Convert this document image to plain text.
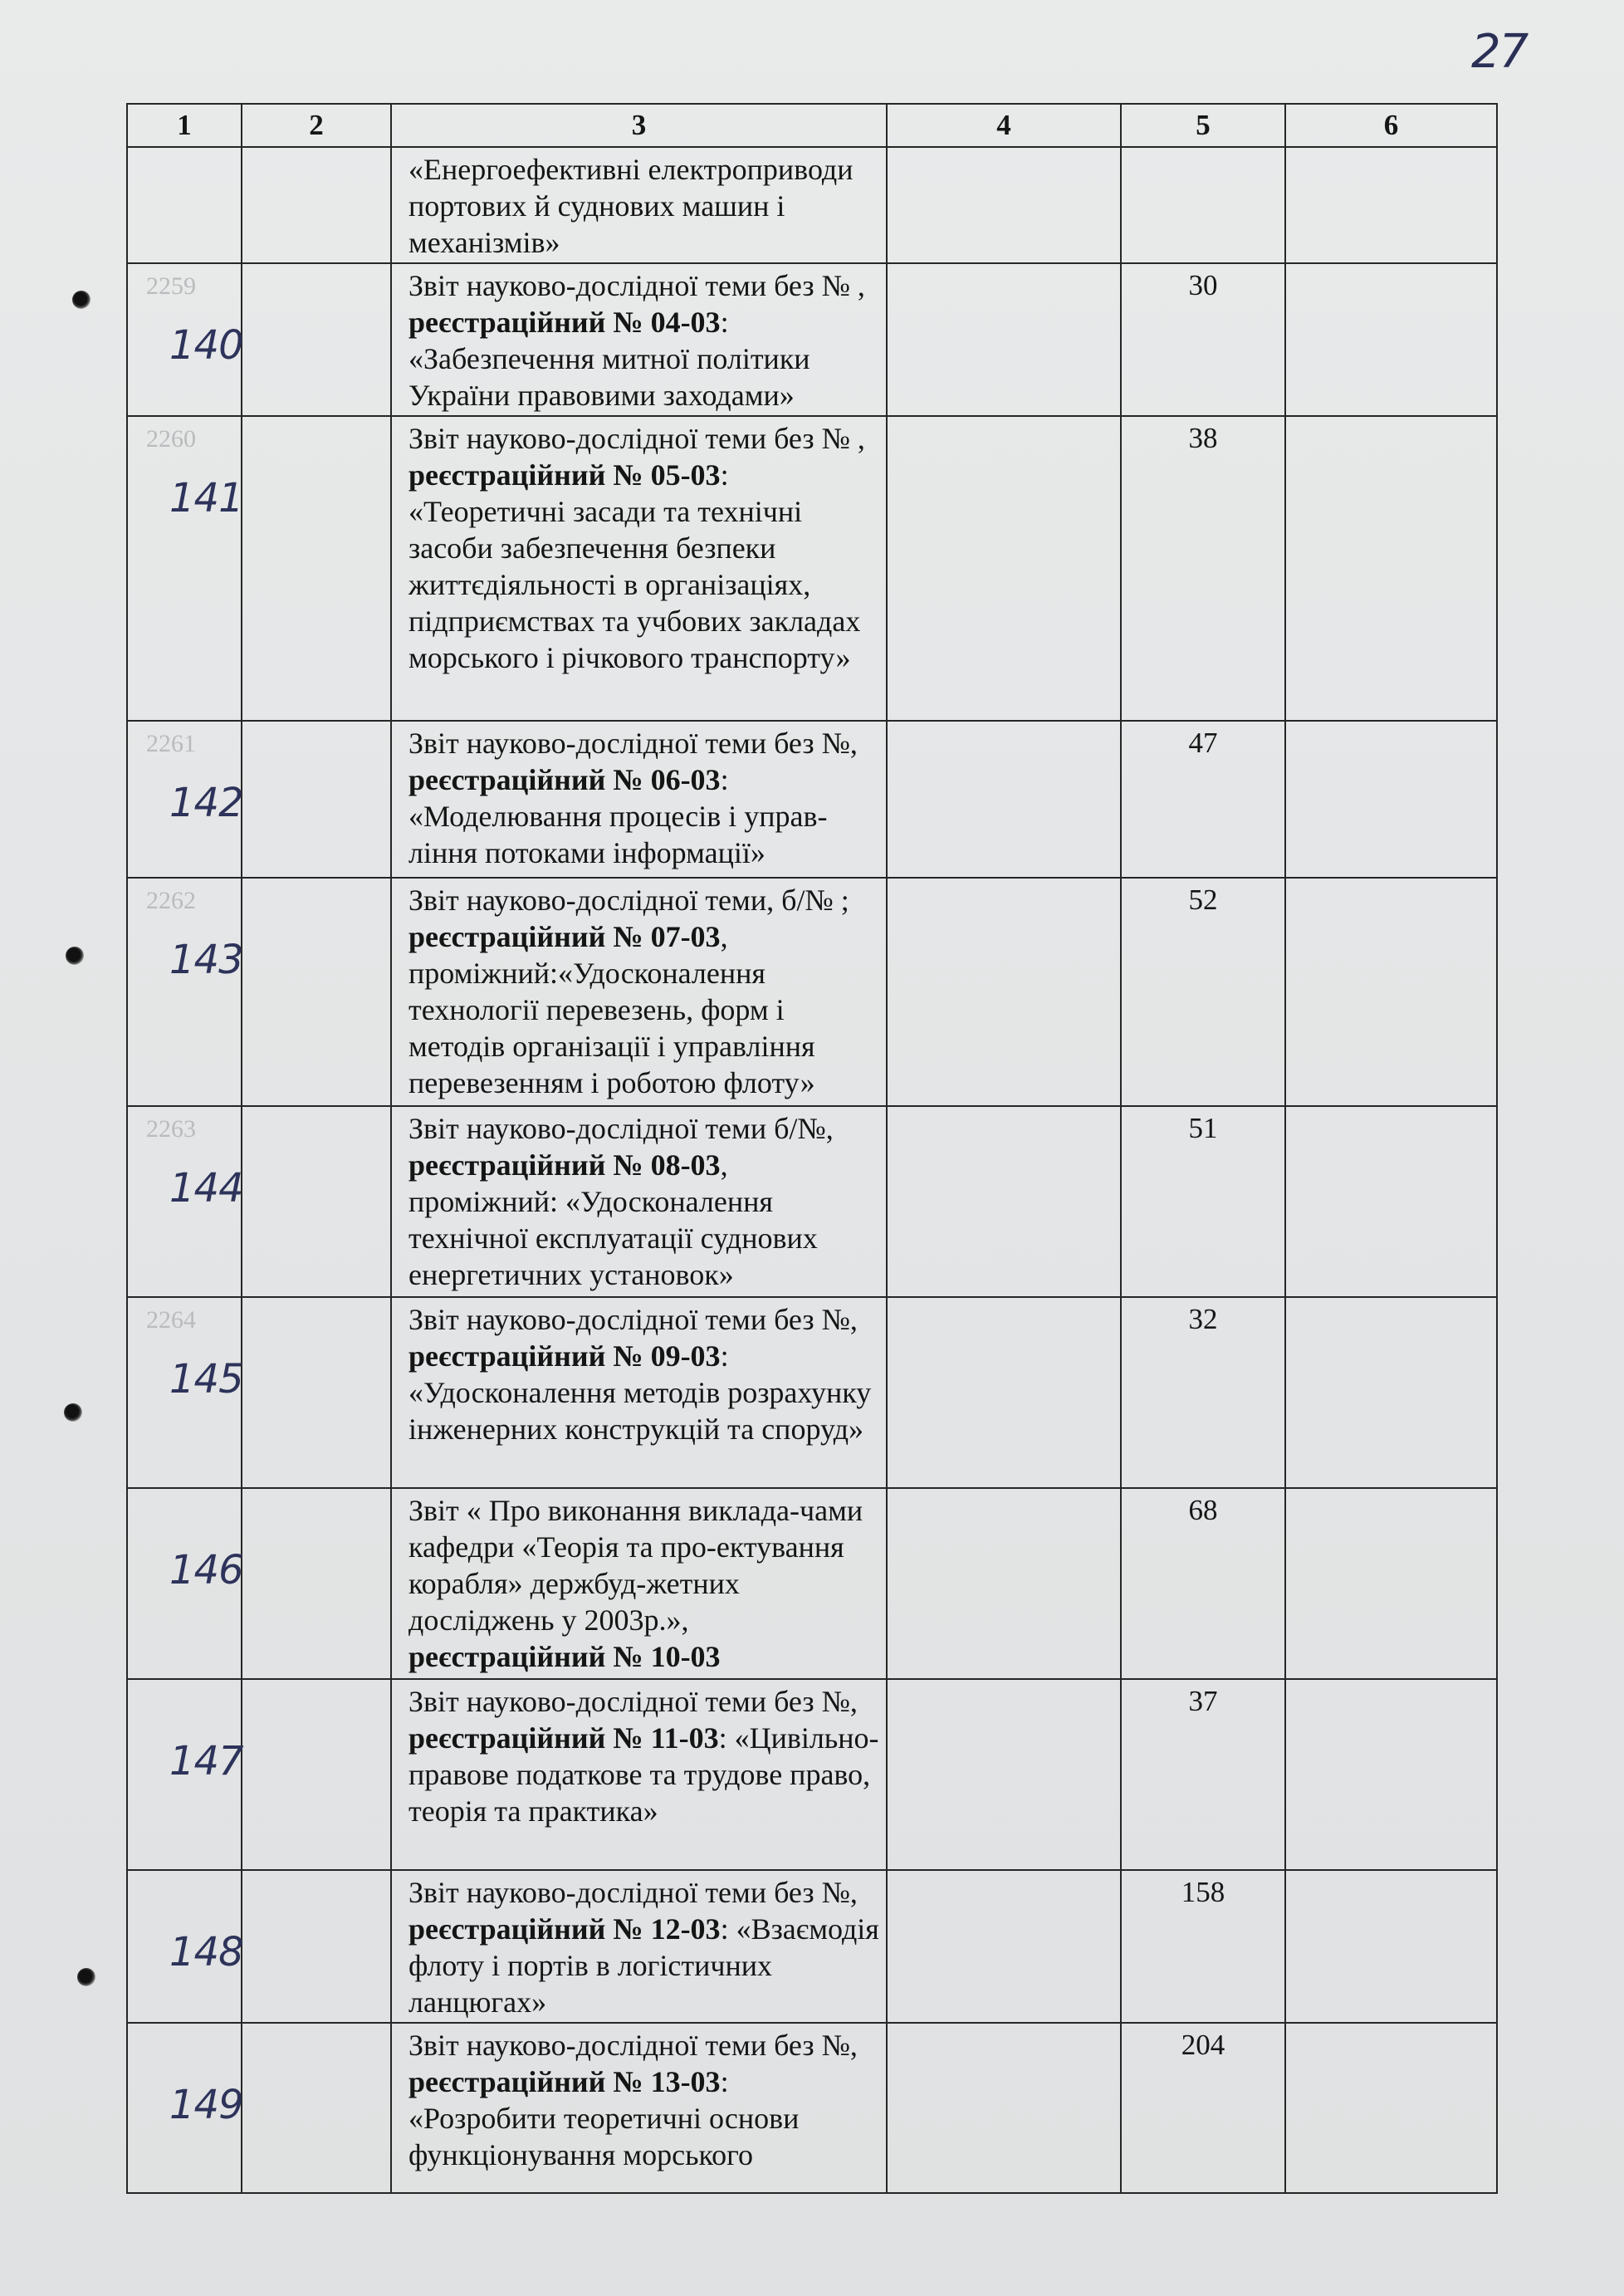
27
1	2	3	4	5	6

		«Енергоефективні електроприводи портових й суднових машин і механізмів»			

2259
140		Звіт науково-дослідної теми без № , реєстраційний № 04-03: «Забезпечення митної політики України правовими заходами»		30	

2260
141		Звіт науково-дослідної теми без № , реєстраційний № 05-03: «Теоретичні засади та технічні засоби забезпечення безпеки життєдіяльності в організаціях, підприємствах та учбових закладах морського і річкового транспорту»		38	

2261
142		Звіт науково-дослідної теми без №, реєстраційний № 06-03: «Моделювання процесів і управ-ління потоками інформації»		47	

2262
143		Звіт науково-дослідної теми, б/№ ; реєстраційний № 07-03, проміжний:«Удосконалення технології перевезень, форм і методів організації і управління перевезенням і роботою флоту»		52	

2263
144		Звіт науково-дослідної теми б/№, реєстраційний № 08-03, проміжний: «Удосконалення технічної експлуатації суднових енергетичних установок»		51	

2264
145		Звіт науково-дослідної теми без №, реєстраційний № 09-03: «Удосконалення методів розрахунку інженерних конструкцій та споруд»		32	

146		Звіт « Про виконання виклада-чами кафедри «Теорія та про-ектування корабля» держбуд-жетних досліджень у 2003р.», реєстраційний № 10-03		68	

147		Звіт науково-дослідної теми без №, реєстраційний № 11-03: «Цивільно-правове податкове та трудове право, теорія та практика»		37	

148		Звіт науково-дослідної теми без №, реєстраційний № 12-03: «Взаємодія флоту і портів в логістичних ланцюгах»		158	

149		Звіт науково-дослідної теми без №, реєстраційний № 13-03: «Розробити теоретичні основи функціонування морського		204	
